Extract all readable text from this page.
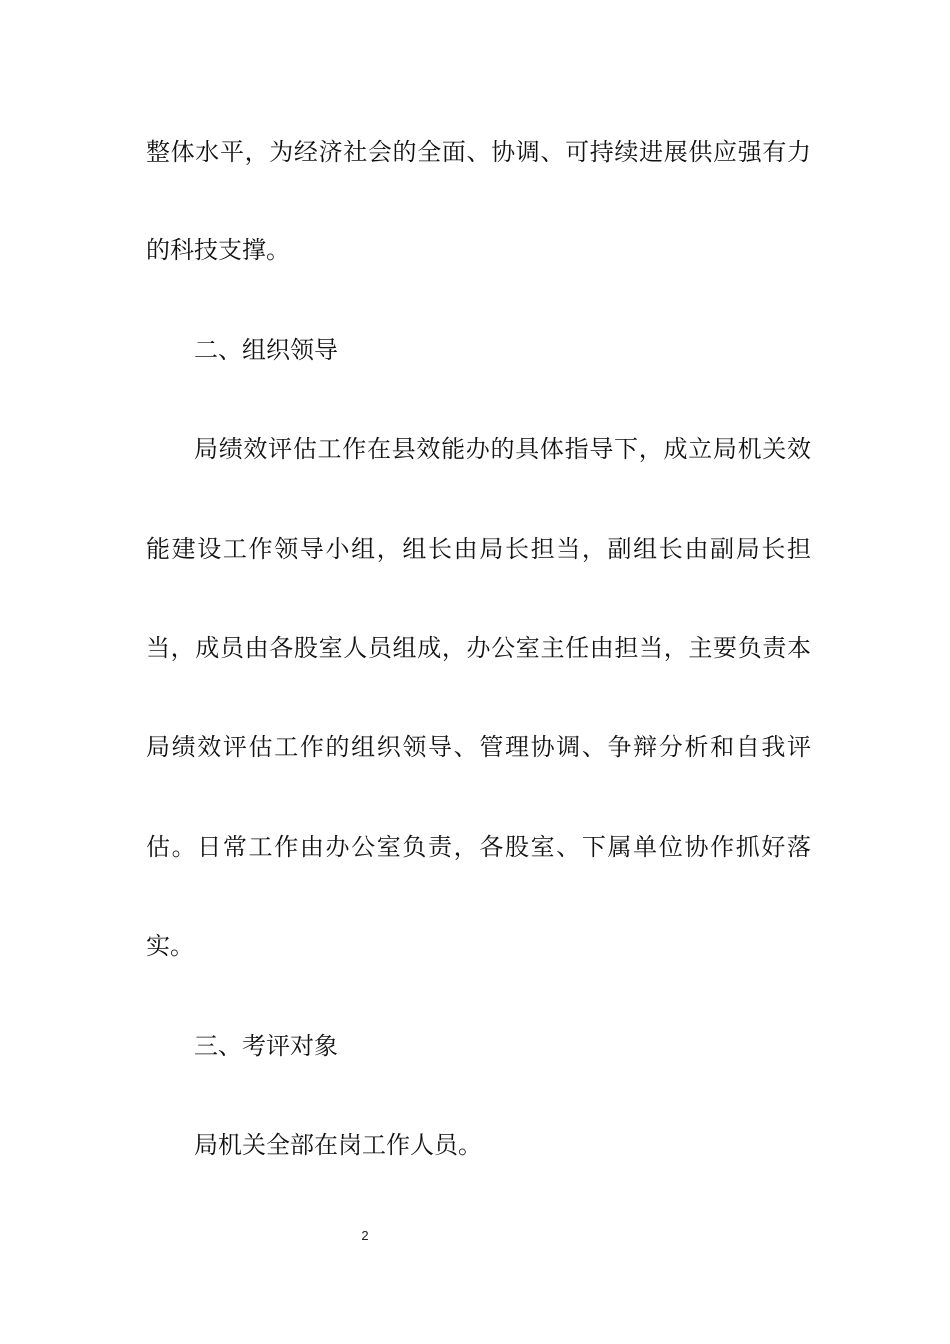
整体水平，为经济社会的全面、协调、可持续进展供应强有力
的科技支撑。
二、组织领导
局绩效评估工作在县效能办的具体指导下，成立局机关效
能建设工作领导小组，组长由局长担当，副组长由副局长担
当，成员由各股室人员组成，办公室主任由担当，主要负责本
局绩效评估工作的组织领导、管理协调、争辩分析和自我评
估。日常工作由办公室负责，各股室、下属单位协作抓好落
实。
三、考评对象
局机关全部在岗工作人员。
2
